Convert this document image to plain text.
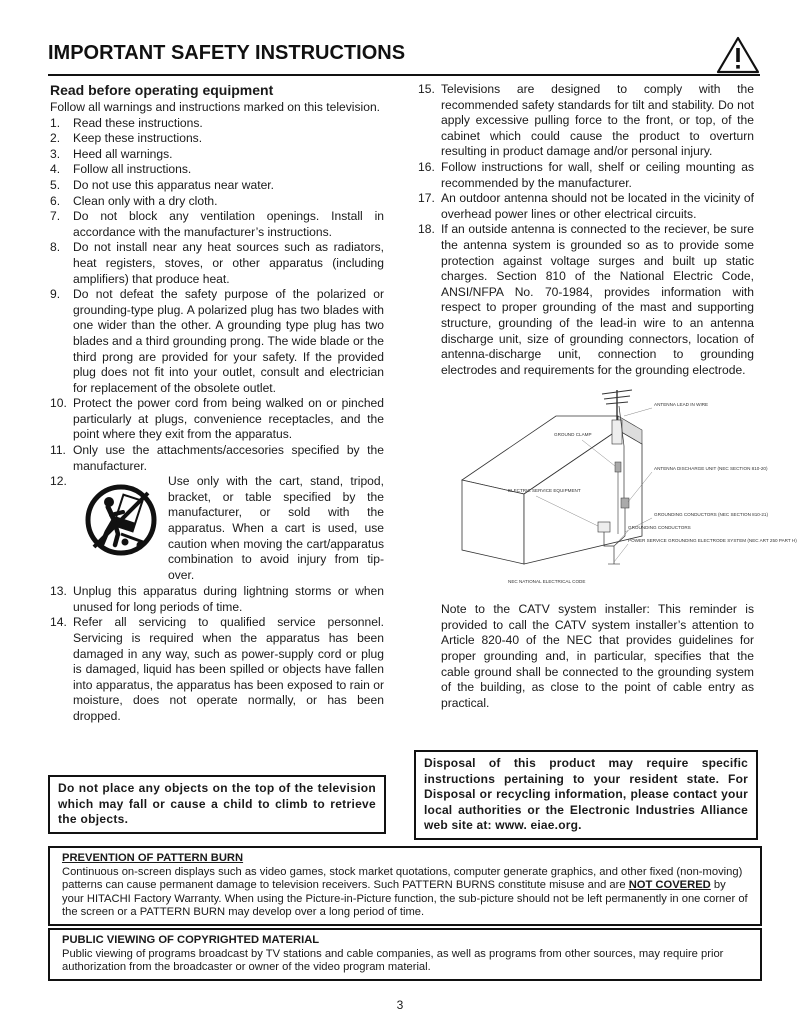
IMPORTANT SAFETY INSTRUCTIONS
Read before operating equipment

Follow all warnings and instructions marked on this television.

1.	Read these instructions.
2.	Keep these instructions.
3.	Heed all warnings.
4.	Follow all instructions.
5.	Do not use this apparatus near water.
6.	Clean only with a dry cloth.
7.	Do not block any ventilation openings. Install in accordance with the manufacturer’s instructions.
8.	Do not install near any heat sources such as radiators, heat registers, stoves, or other apparatus (including amplifiers) that produce heat.
9.	Do not defeat the safety purpose of the polarized or grounding-type plug. A polarized plug has two blades with one wider than the other. A grounding type plug has two blades and a third grounding prong. The wide blade or the third prong are provided for your safety. If the provided plug does not fit into your outlet, consult and electrician for replacement of the obsolete outlet.
10. Protect the power cord from being walked on or pinched particularly at plugs, convenience receptacles, and the point where they exit from the apparatus.
11. Only use the attachments/accesories specified by the manufacturer.
12.	Use only with the cart, stand, tripod, bracket, or table specified by the manufacturer, or sold with the apparatus. When a cart is used, use caution when moving the cart/apparatus combination to avoid injury from tip-over.
13. Unplug this apparatus during lightning storms or when unused for long periods of time.
14. Refer all servicing to qualified service personnel. Servicing is required when the apparatus has been damaged in any way, such as power-supply cord or plug is damaged, liquid has been spilled or objects have fallen into apparatus, the apparatus has been exposed to rain or moisture, does not operate normally, or has been dropped.
Do not place any objects on the top of the television which may fall or cause a child to climb to retrieve the objects.
15. Televisions are designed to comply with the recommended safety standards for tilt and stability. Do not apply excessive pulling force to the front, or top, of the cabinet which could cause the product to overturn resulting in product damage and/or personal injury.
16. Follow instructions for wall, shelf or ceiling mounting as recommended by the manufacturer.
17. An outdoor antenna should not be located in the vicinity of overhead power lines or other electrical circuits.
18. If an outside antenna is connected to the reciever, be sure the antenna system is grounded so as to provide some protection against voltage surges and built up static charges. Section 810 of the National Electric Code, ANSI/NFPA No. 70-1984, provides information with respect to proper grounding of the mast and supporting structure, grounding of the lead-in wire to an antenna discharge unit, size of grounding connectors, location of antenna-discharge unit, connection to grounding electrodes and requirements for the grounding electrode.
ANTENNA LEAD IN WIRE
GROUND CLAMP
ANTENNA DISCHARGE UNIT (NEC SECTION 810-20)
ELECTRIC SERVICE EQUIPMENT
GROUNDING CONDUCTORS (NEC SECTION 810-21)
GROUNDING CONDUCTORS
POWER SERVICE GROUNDING ELECTRODE SYSTEM (NEC ART 250 PART H)
NEC NATIONAL ELECTRICAL CODE

Note to the CATV system installer: This reminder is provided to call the CATV system installer’s attention to Article 820-40 of the NEC that provides guidelines for proper grounding and, in particular, specifies that the cable ground shall be connected to the grounding system of the building, as close to the point of cable entry as practical.

Disposal of this product may require specific instructions pertaining to your resident state. For Disposal or recycling information, please contact your local authorities or the Electronic Industries Alliance web site at: www. eiae.org.

PREVENTION OF PATTERN BURN

Continuous on-screen displays such as video games, stock market quotations, computer generate graphics, and other fixed (non-moving) patterns can cause permanent damage to television receivers. Such PATTERN BURNS constitute misuse and are NOT COVERED by your HITACHI Factory Warranty. When using the Picture-in-Picture function, the sub-picture should not be left permanently in one corner of the screen or a PATTERN BURN may develop over a long period of time.

PUBLIC VIEWING OF COPYRIGHTED MATERIAL

Public viewing of programs broadcast by TV stations and cable companies, as well as programs from other sources, may require prior authorization from the broadcaster or owner of the video program material.

3
